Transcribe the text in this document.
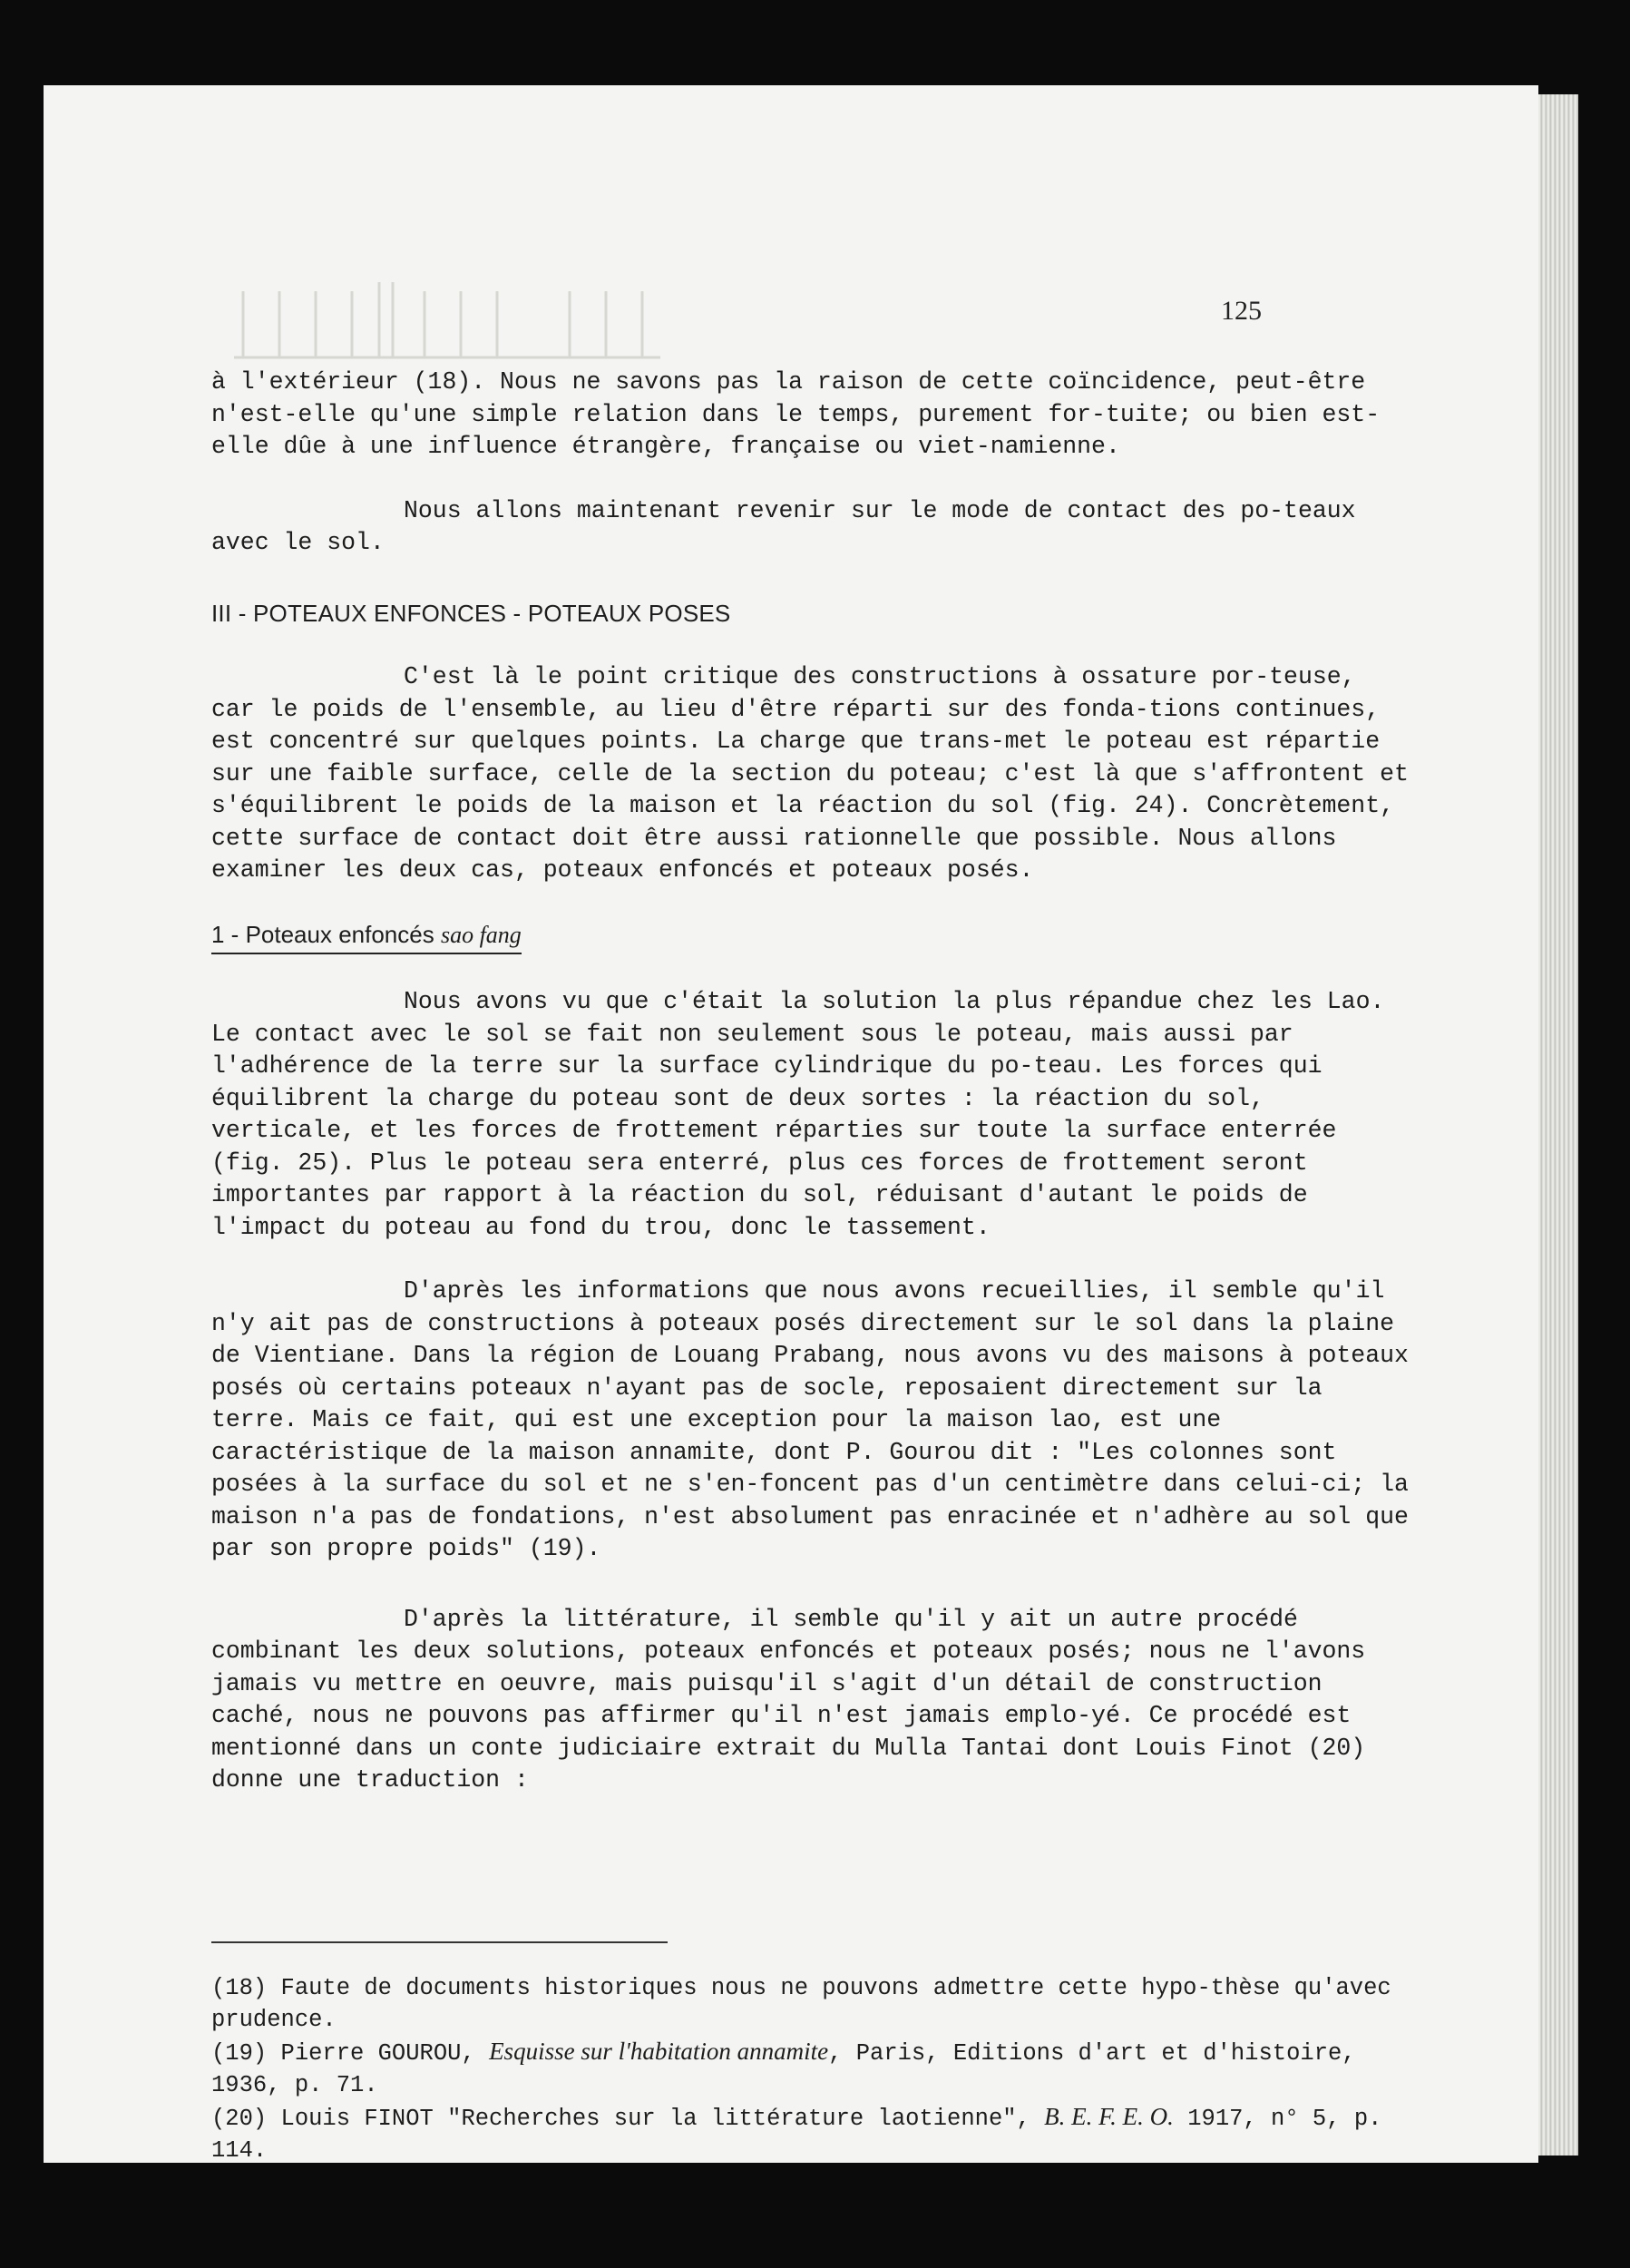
125

à l'extérieur (18). Nous ne savons pas la raison de cette coïncidence, peut-être n'est-elle qu'une simple relation dans le temps, purement for-tuite; ou bien est-elle dûe à une influence étrangère, française ou viet-namienne.

Nous allons maintenant revenir sur le mode de contact des po-teaux avec le sol.

III - POTEAUX ENFONCES - POTEAUX POSES

C'est là le point critique des constructions à ossature por-teuse, car le poids de l'ensemble, au lieu d'être réparti sur des fonda-tions continues, est concentré sur quelques points. La charge que trans-met le poteau est répartie sur une faible surface, celle de la section du poteau; c'est là que s'affrontent et s'équilibrent le poids de la maison et la réaction du sol (fig. 24). Concrètement, cette surface de contact doit être aussi rationnelle que possible. Nous allons examiner les deux cas, poteaux enfoncés et poteaux posés.

1 - Poteaux enfoncés sao fang

Nous avons vu que c'était la solution la plus répandue chez les Lao. Le contact avec le sol se fait non seulement sous le poteau, mais aussi par l'adhérence de la terre sur la surface cylindrique du po-teau. Les forces qui équilibrent la charge du poteau sont de deux sortes : la réaction du sol, verticale, et les forces de frottement réparties sur toute la surface enterrée (fig. 25). Plus le poteau sera enterré, plus ces forces de frottement seront importantes par rapport à la réaction du sol, réduisant d'autant le poids de l'impact du poteau au fond du trou, donc le tassement.

D'après les informations que nous avons recueillies, il semble qu'il n'y ait pas de constructions à poteaux posés directement sur le sol dans la plaine de Vientiane. Dans la région de Louang Prabang, nous avons vu des maisons à poteaux posés où certains poteaux n'ayant pas de socle, reposaient directement sur la terre. Mais ce fait, qui est une exception pour la maison lao, est une caractéristique de la maison annamite, dont P. Gourou dit : "Les colonnes sont posées à la surface du sol et ne s'en-foncent pas d'un centimètre dans celui-ci; la maison n'a pas de fondations, n'est absolument pas enracinée et n'adhère au sol que par son propre poids" (19).

D'après la littérature, il semble qu'il y ait un autre procédé combinant les deux solutions, poteaux enfoncés et poteaux posés; nous ne l'avons jamais vu mettre en oeuvre, mais puisqu'il s'agit d'un détail de construction caché, nous ne pouvons pas affirmer qu'il n'est jamais emplo-yé. Ce procédé est mentionné dans un conte judiciaire extrait du Mulla Tantai dont Louis Finot (20) donne une traduction :

(18) Faute de documents historiques nous ne pouvons admettre cette hypo-thèse qu'avec prudence.

(19) Pierre GOUROU, Esquisse sur l'habitation annamite, Paris, Editions d'art et d'histoire, 1936, p. 71.

(20) Louis FINOT "Recherches sur la littérature laotienne", B. E. F. E. O. 1917, n° 5, p. 114.
